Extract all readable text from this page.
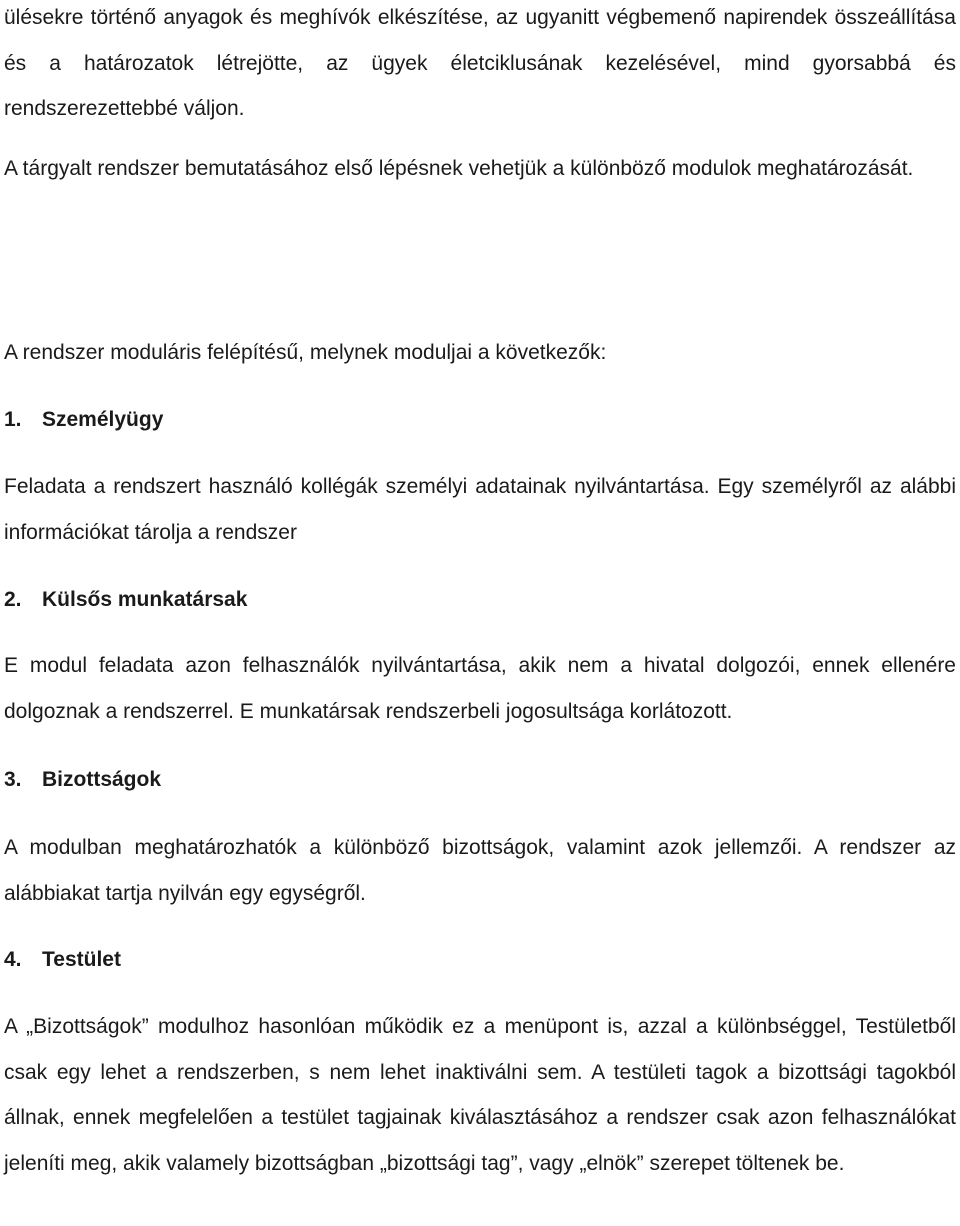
ülésekre történő anyagok és meghívók elkészítése, az ugyanitt végbemenő napirendek összeállítása és a határozatok létrejötte, az ügyek életciklusának kezelésével, mind gyorsabbá és rendszerezettebbé váljon.

A tárgyalt rendszer bemutatásához első lépésnek vehetjük a különböző modulok meghatározását.

A rendszer moduláris felépítésű, melynek moduljai a következők:

1. Személyügy

Feladata a rendszert használó kollégák személyi adatainak nyilvántartása. Egy személyről az alábbi információkat tárolja a rendszer

2. Külsős munkatársak

E modul feladata azon felhasználók nyilvántartása, akik nem a hivatal dolgozói, ennek ellenére dolgoznak a rendszerrel. E munkatársak rendszerbeli jogosultsága korlátozott.

3. Bizottságok

A modulban meghatározhatók a különböző bizottságok, valamint azok jellemzői. A rendszer az alábbiakat tartja nyilván egy egységről.

4. Testület

A „Bizottságok” modulhoz hasonlóan működik ez a menüpont is, azzal a különbséggel, Testületből csak egy lehet a rendszerben, s nem lehet inaktiválni sem. A testületi tagok a bizottsági tagokból állnak, ennek megfelelően a testület tagjainak kiválasztásához a rendszer csak azon felhasználókat jeleníti meg, akik valamely bizottságban „bizottsági tag”, vagy „elnök” szerepet töltenek be.
